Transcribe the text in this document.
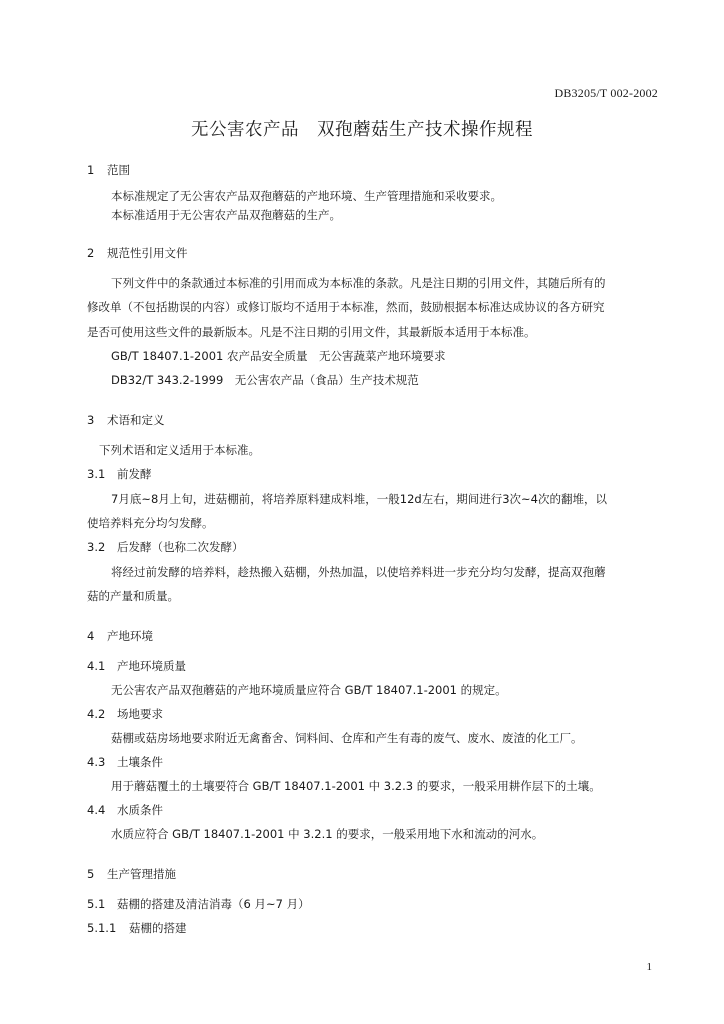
DB3205/T 002-2002
无公害农产品 双孢蘑菇生产技术操作规程
1 范围
本标准规定了无公害农产品双孢蘑菇的产地环境、生产管理措施和采收要求。
本标准适用于无公害农产品双孢蘑菇的生产。
2 规范性引用文件
下列文件中的条款通过本标准的引用而成为本标准的条款。凡是注日期的引用文件，其随后所有的
修改单（不包括勘误的内容）或修订版均不适用于本标准，然而，鼓励根据本标准达成协议的各方研究
是否可使用这些文件的最新版本。凡是不注日期的引用文件，其最新版本适用于本标准。
GB/T 18407.1-2001 农产品安全质量　无公害蔬菜产地环境要求
DB32/T 343.2-1999　无公害农产品（食品）生产技术规范
3 术语和定义
下列术语和定义适用于本标准。
3.1 前发酵
7月底~8月上旬，进菇棚前，将培养原料建成料堆，一般12d左右，期间进行3次~4次的翻堆，以
使培养料充分均匀发酵。
3.2 后发酵（也称二次发酵）
将经过前发酵的培养料，趁热搬入菇棚，外热加温，以使培养料进一步充分均匀发酵，提高双孢蘑
菇的产量和质量。
4 产地环境
4.1 产地环境质量
无公害农产品双孢蘑菇的产地环境质量应符合 GB/T 18407.1-2001 的规定。
4.2 场地要求
菇棚或菇房场地要求附近无禽畜舍、饲料间、仓库和产生有毒的废气、废水、废渣的化工厂。
4.3 土壤条件
用于蘑菇覆土的土壤要符合 GB/T 18407.1-2001 中 3.2.3 的要求，一般采用耕作层下的土壤。
4.4 水质条件
水质应符合 GB/T 18407.1-2001 中 3.2.1 的要求，一般采用地下水和流动的河水。
5 生产管理措施
5.1 菇棚的搭建及清洁消毒（6 月~7 月）
5.1.1 菇棚的搭建
1
